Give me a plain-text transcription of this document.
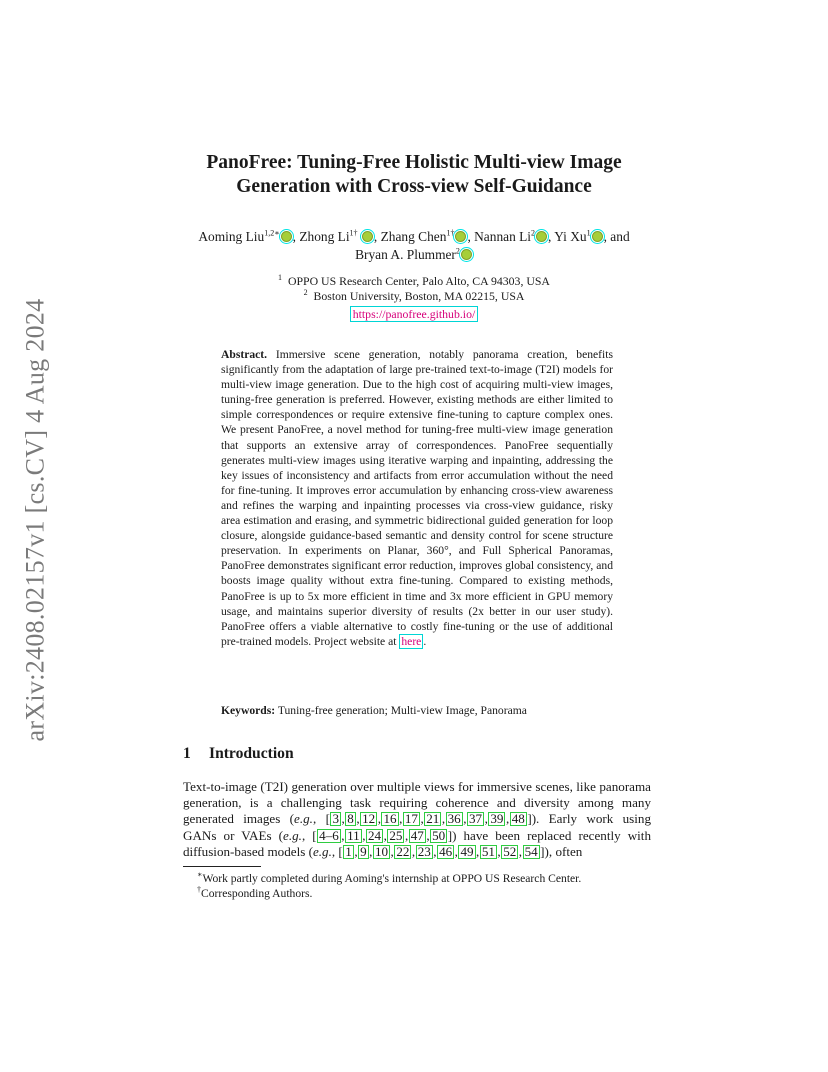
arXiv:2408.02157v1 [cs.CV] 4 Aug 2024
PanoFree: Tuning-Free Holistic Multi-view Image
Generation with Cross-view Self-Guidance
Aoming Liu$^{1,2∗}$ , Zhong $Li^{1\dagger}$ , Zhang Chen$^{1\dagger}$ , Nannan Li$^2$ , Yi Xu$^1$ , and
Bryan A. Plummer$^2$
$^1$ OPPO US Research Center, Palo Alto, CA 94303, USA
$^2$ Boston University, Boston, MA 02215, USA
https://panofree.github.io/
Abstract. Immersive scene generation, notably panorama creation, benefits significantly from the adaptation of large pre-trained text-to-image (T2I) models for multi-view image generation. Due to the high cost of acquiring multi-view images, tuning-free generation is preferred. However, existing methods are either limited to simple correspondences or require extensive fine-tuning to capture complex ones. We present PanoFree, a novel method for tuning-free multi-view image generation that supports an extensive array of correspondences. PanoFree sequentially generates multi-view images using iterative warping and inpainting, addressing the key issues of inconsistency and artifacts from error accumulation without the need for fine-tuning. It improves error accumulation by enhancing cross-view awareness and refines the warping and inpainting processes via cross-view guidance, risky area estimation and erasing, and symmetric bidirectional guided generation for loop closure, alongside guidance-based semantic and density control for scene structure preservation. In experiments on Planar, 360°, and Full Spherical Panoramas, PanoFree demonstrates significant error reduction, improves global consistency, and boosts image quality without extra fine-tuning. Compared to existing methods, PanoFree is up to 5x more efficient in time and 3x more efficient in GPU memory usage, and maintains superior diversity of results (2x better in our user study). PanoFree offers a viable alternative to costly fine-tuning or the use of additional pre-trained models. Project website at here .
Keywords: Tuning-free generation; Multi-view Image, Panorama
1 Introduction
Text-to-image (T2I) generation over multiple views for immersive scenes, like panorama generation, is a challenging task requiring coherence and diversity among many generated images (e.g., [ 3 , 8 , 12 , 16 , 17 , 21 , 36 , 37 , 39 , 48 ]). Early work using GANs or VAEs (e.g., [ 4–6 , 11 , 24 , 25 , 47 , 50 ]) have been replaced recently with diffusion-based models (e.g., [ 1 , 9 , 10 , 22 , 23 , 46 , 49 , 51 , 52 , 54 ]), often
∗Work partly completed during Aoming's internship at OPPO US Research Center.
†Corresponding Authors.
